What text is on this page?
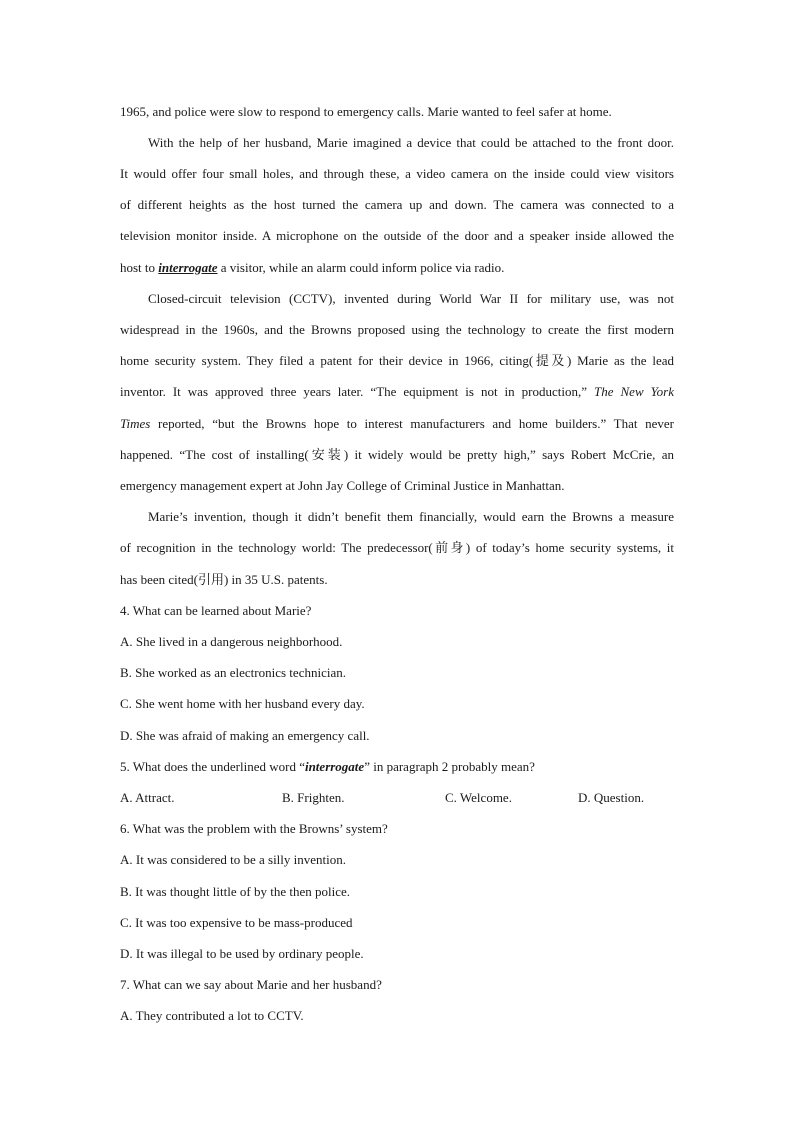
1965, and police were slow to respond to emergency calls. Marie wanted to feel safer at home.
With the help of her husband, Marie imagined a device that could be attached to the front door.
It would offer four small holes, and through these, a video camera on the inside could view visitors
of different heights as the host turned the camera up and down. The camera was connected to a
television monitor inside. A microphone on the outside of the door and a speaker inside allowed the
host to interrogate a visitor, while an alarm could inform police via radio.
Closed-circuit television (CCTV), invented during World War II for military use, was not
widespread in the 1960s, and the Browns proposed using the technology to create the first modern
home security system. They filed a patent for their device in 1966, citing(提及) Marie as the lead
inventor. It was approved three years later. “The equipment is not in production,” The New York
Times reported, “but the Browns hope to interest manufacturers and home builders.” That never
happened. “The cost of installing(安装) it widely would be pretty high,” says Robert McCrie, an
emergency management expert at John Jay College of Criminal Justice in Manhattan.
Marie’s invention, though it didn’t benefit them financially, would earn the Browns a measure
of recognition in the technology world: The predecessor(前身) of today’s home security systems, it
has been cited(引用) in 35 U.S. patents.
4. What can be learned about Marie?
A. She lived in a dangerous neighborhood.
B. She worked as an electronics technician.
C. She went home with her husband every day.
D. She was afraid of making an emergency call.
5. What does the underlined word “interrogate” in paragraph 2 probably mean?
A. Attract.	B. Frighten.	C. Welcome.	D. Question.
6. What was the problem with the Browns’ system?
A. It was considered to be a silly invention.
B. It was thought little of by the then police.
C. It was too expensive to be mass-produced
D. It was illegal to be used by ordinary people.
7. What can we say about Marie and her husband?
A. They contributed a lot to CCTV.
